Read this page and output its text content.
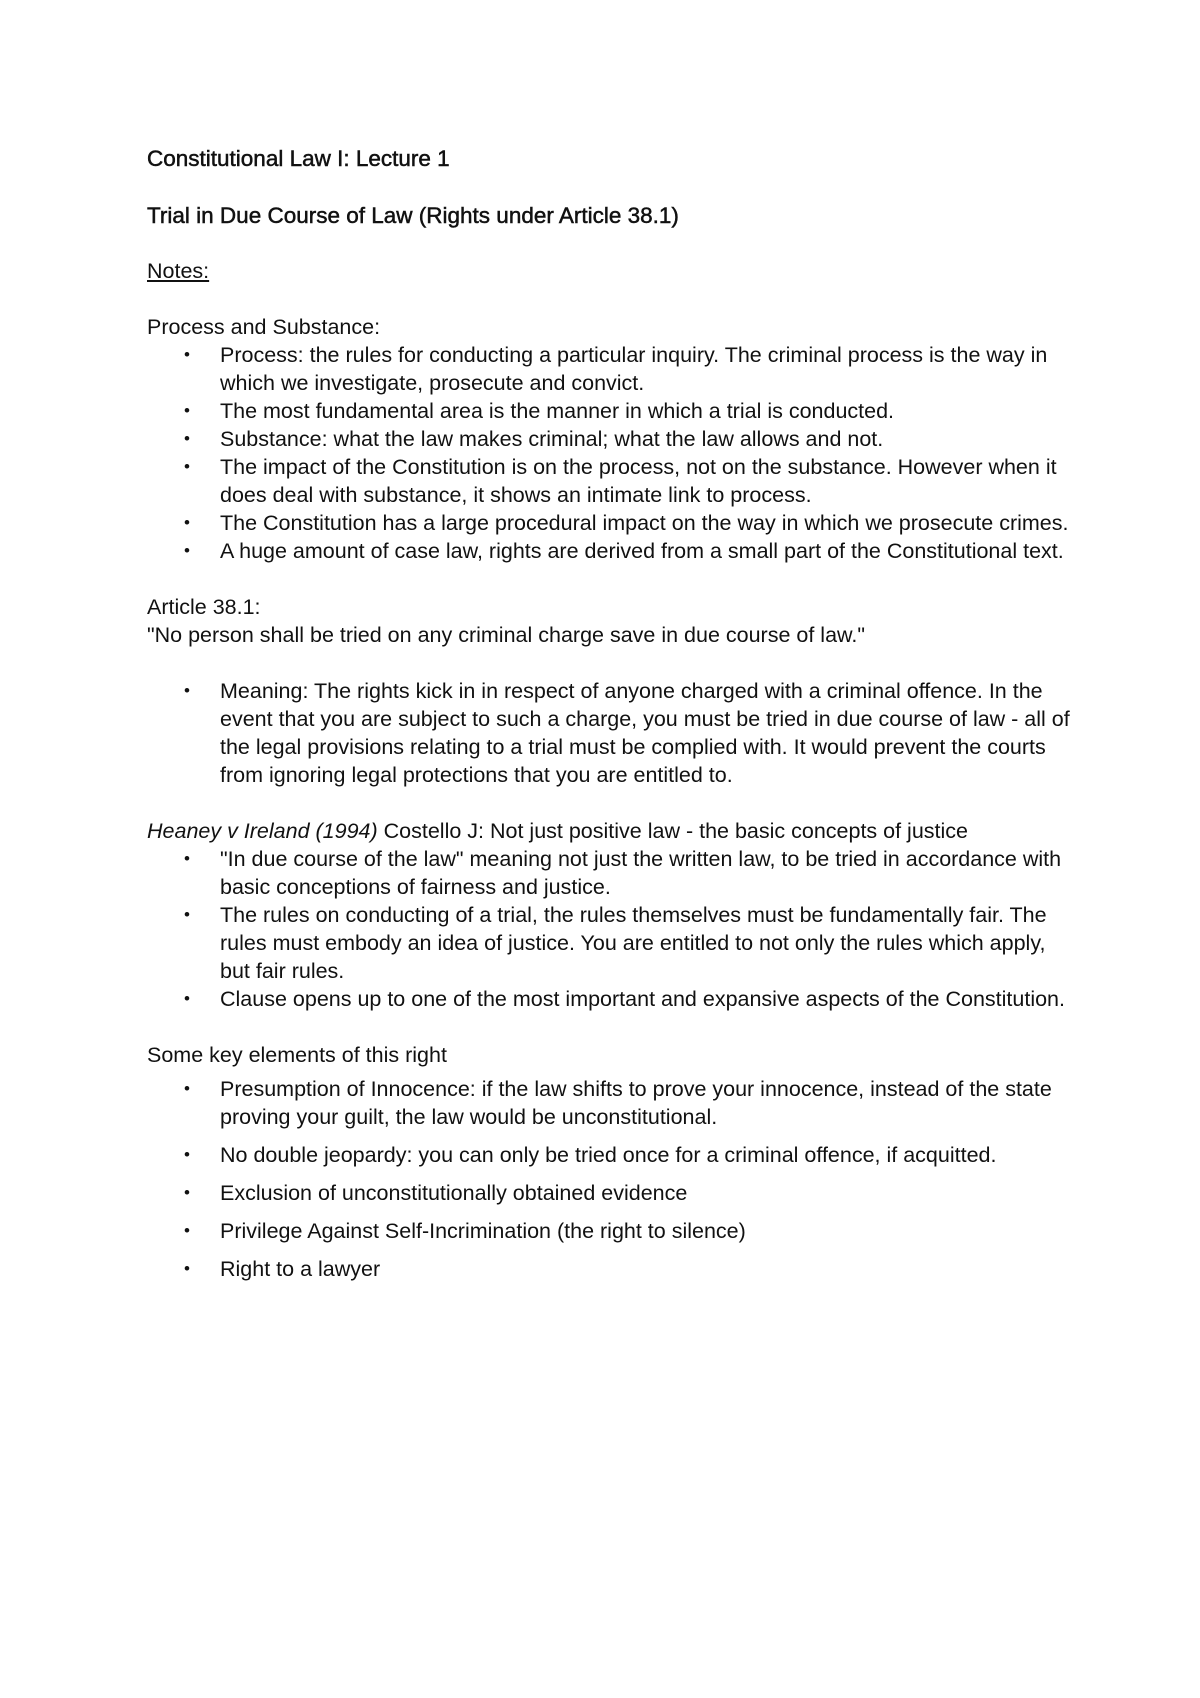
Constitutional Law I: Lecture 1
Trial in Due Course of Law (Rights under Article 38.1)

Notes:

Process and Substance:

• Process: the rules for conducting a particular inquiry. The criminal process is the way in which we investigate, prosecute and convict.
• The most fundamental area is the manner in which a trial is conducted.
• Substance: what the law makes criminal; what the law allows and not.
• The impact of the Constitution is on the process, not on the substance. However when it does deal with substance, it shows an intimate link to process.
• The Constitution has a large procedural impact on the way in which we prosecute crimes.
• A huge amount of case law, rights are derived from a small part of the Constitutional text.

Article 38.1:

"No person shall be tried on any criminal charge save in due course of law."

• Meaning: The rights kick in in respect of anyone charged with a criminal offence. In the event that you are subject to such a charge, you must be tried in due course of law - all of the legal provisions relating to a trial must be complied with. It would prevent the courts from ignoring legal protections that you are entitled to.

Heaney v Ireland (1994) Costello J: Not just positive law - the basic concepts of justice

• "In due course of the law" meaning not just the written law, to be tried in accordance with basic conceptions of fairness and justice.
• The rules on conducting of a trial, the rules themselves must be fundamentally fair. The rules must embody an idea of justice. You are entitled to not only the rules which apply, but fair rules.
• Clause opens up to one of the most important and expansive aspects of the Constitution.

Some key elements of this right

• Presumption of Innocence: if the law shifts to prove your innocence, instead of the state proving your guilt, the law would be unconstitutional.
• No double jeopardy: you can only be tried once for a criminal offence, if acquitted.
• Exclusion of unconstitutionally obtained evidence
• Privilege Against Self-Incrimination (the right to silence)
• Right to a lawyer
